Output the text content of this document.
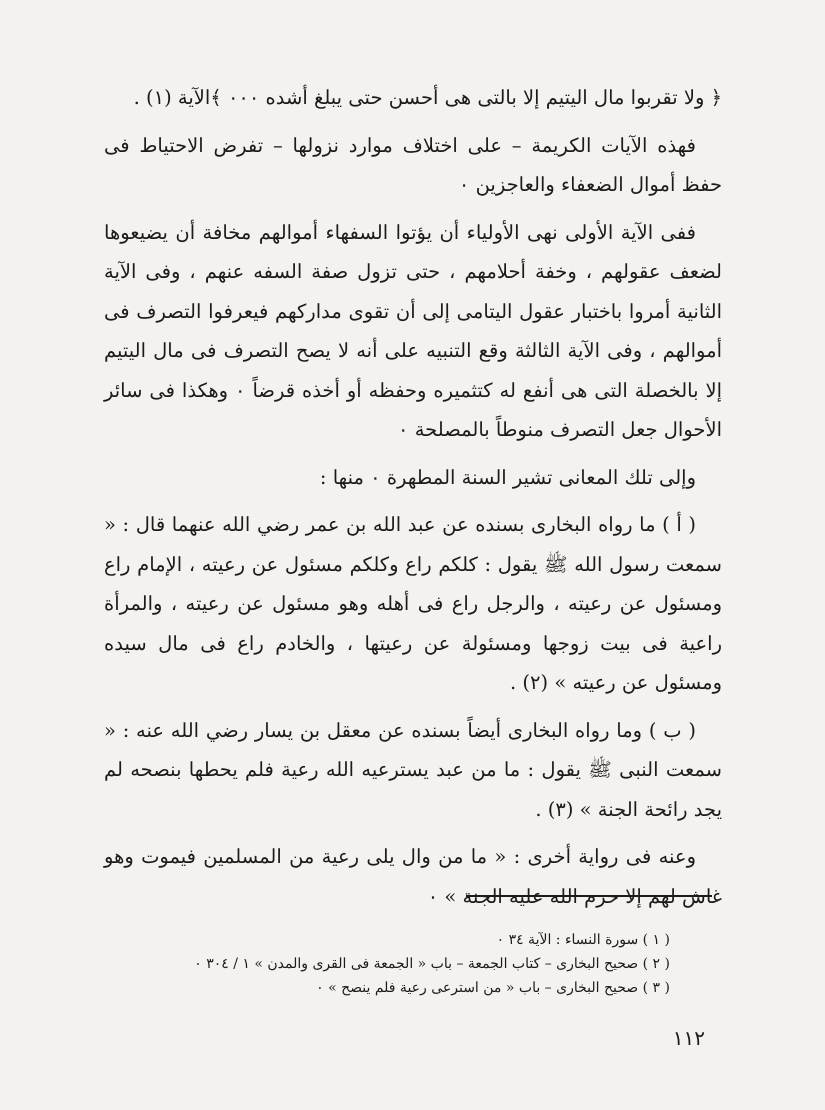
﴿ ولا تقربوا مال اليتيم إلا بالتى هى أحسن حتى يبلغ أشده ٠٠٠ ﴾الآية (١) .

فهذه الآيات الكريمة – على اختلاف موارد نزولها – تفرض الاحتياط فى حفظ أموال الضعفاء والعاجزين ٠

ففى الآية الأولى نهى الأولياء أن يؤتوا السفهاء أموالهم مخافة أن يضيعوها لضعف عقولهم ، وخفة أحلامهم ، حتى تزول صفة السفه عنهم ، وفى الآية الثانية أمروا باختبار عقول اليتامى إلى أن تقوى مداركهم فيعرفوا التصرف فى أموالهم ، وفى الآية الثالثة وقع التنبيه على أنه لا يصح التصرف فى مال اليتيم إلا بالخصلة التى هى أنفع له كتثميره وحفظه أو أخذه قرضاً ٠ وهكذا فى سائر الأحوال جعل التصرف منوطاً بالمصلحة ٠

وإلى تلك المعانى تشير السنة المطهرة ٠ منها :

( أ ) ما رواه البخارى بسنده عن عبد الله بن عمر رضي الله عنهما قال : « سمعت رسول الله ﷺ يقول : كلكم راع وكلكم مسئول عن رعيته ، الإمام راع ومسئول عن رعيته ، والرجل راع فى أهله وهو مسئول عن رعيته ، والمرأة راعية فى بيت زوجها ومسئولة عن رعيتها ، والخادم راع فى مال سيده ومسئول عن رعيته » (٢) .

( ب ) وما رواه البخارى أيضاً بسنده عن معقل بن يسار رضي الله عنه : « سمعت النبى ﷺ يقول : ما من عبد يسترعيه الله رعية فلم يحطها بنصحه لم يجد رائحة الجنة » (٣) .

وعنه فى رواية أخرى : « ما من وال يلى رعية من المسلمين فيموت وهو غاش لهم إلا حرم الله عليه الجنة » ٠

( ١ ) سورة النساء : الآية ٣٤ ٠
( ٢ ) صحيح البخارى – كتاب الجمعة – باب « الجمعة فى القرى والمدن » ١ / ٣٠٤ ٠
( ٣ ) صحيح البخارى – باب « من استرعى رعية فلم ينصح » ٠
١١٢
